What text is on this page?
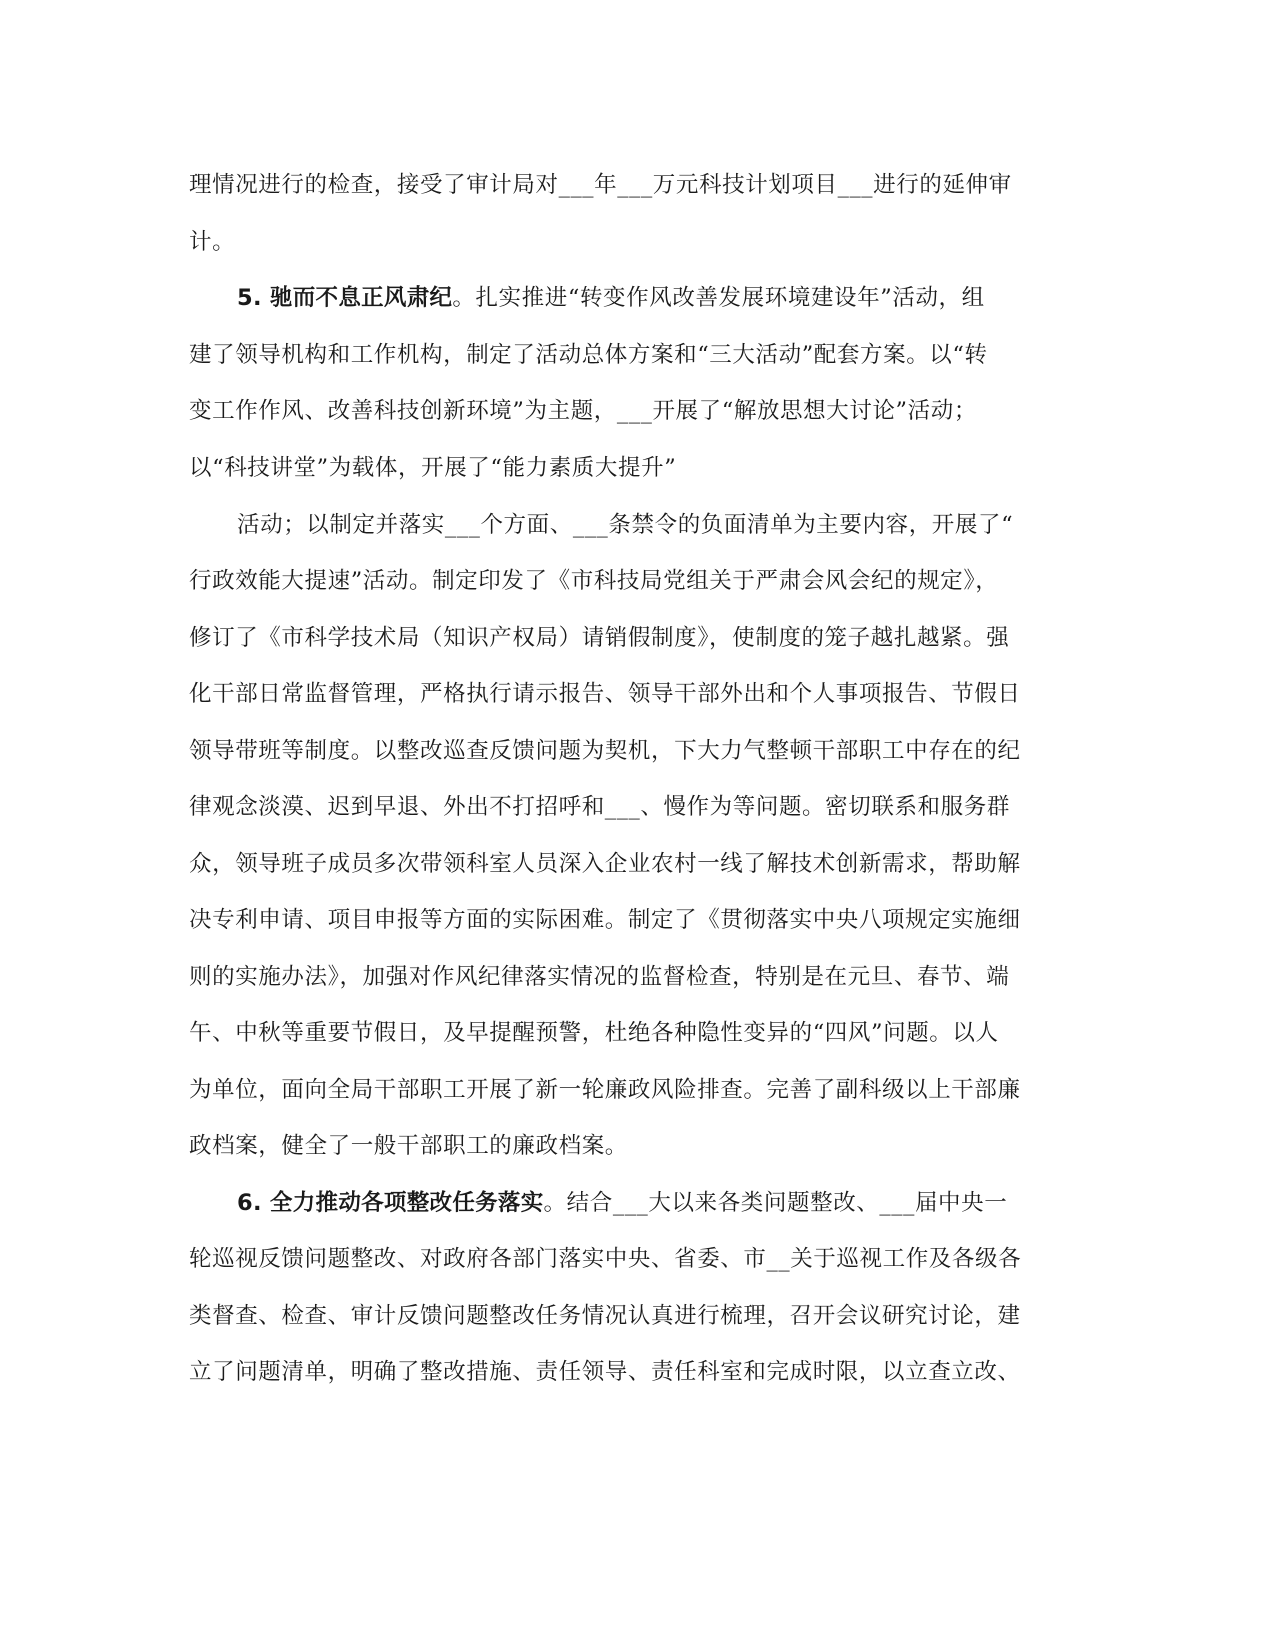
理情况进行的检查，接受了审计局对___年___万元科技计划项目___进行的延伸审
计。
5. 驰而不息正风肃纪。扎实推进“转变作风改善发展环境建设年”活动，组
建了领导机构和工作机构，制定了活动总体方案和“三大活动”配套方案。以“转
变工作作风、改善科技创新环境”为主题，___开展了“解放思想大讨论”活动；
以“科技讲堂”为载体，开展了“能力素质大提升”
活动；以制定并落实___个方面、___条禁令的负面清单为主要内容，开展了“
行政效能大提速”活动。制定印发了《市科技局党组关于严肃会风会纪的规定》，
修订了《市科学技术局（知识产权局）请销假制度》，使制度的笼子越扎越紧。强
化干部日常监督管理，严格执行请示报告、领导干部外出和个人事项报告、节假日
领导带班等制度。以整改巡查反馈问题为契机，下大力气整顿干部职工中存在的纪
律观念淡漠、迟到早退、外出不打招呼和___、慢作为等问题。密切联系和服务群
众，领导班子成员多次带领科室人员深入企业农村一线了解技术创新需求，帮助解
决专利申请、项目申报等方面的实际困难。制定了《贯彻落实中央八项规定实施细
则的实施办法》，加强对作风纪律落实情况的监督检查，特别是在元旦、春节、端
午、中秋等重要节假日，及早提醒预警，杜绝各种隐性变异的“四风”问题。以人
为单位，面向全局干部职工开展了新一轮廉政风险排查。完善了副科级以上干部廉
政档案，健全了一般干部职工的廉政档案。
6. 全力推动各项整改任务落实。结合___大以来各类问题整改、___届中央一
轮巡视反馈问题整改、对政府各部门落实中央、省委、市__关于巡视工作及各级各
类督查、检查、审计反馈问题整改任务情况认真进行梳理，召开会议研究讨论，建
立了问题清单，明确了整改措施、责任领导、责任科室和完成时限，以立查立改、
